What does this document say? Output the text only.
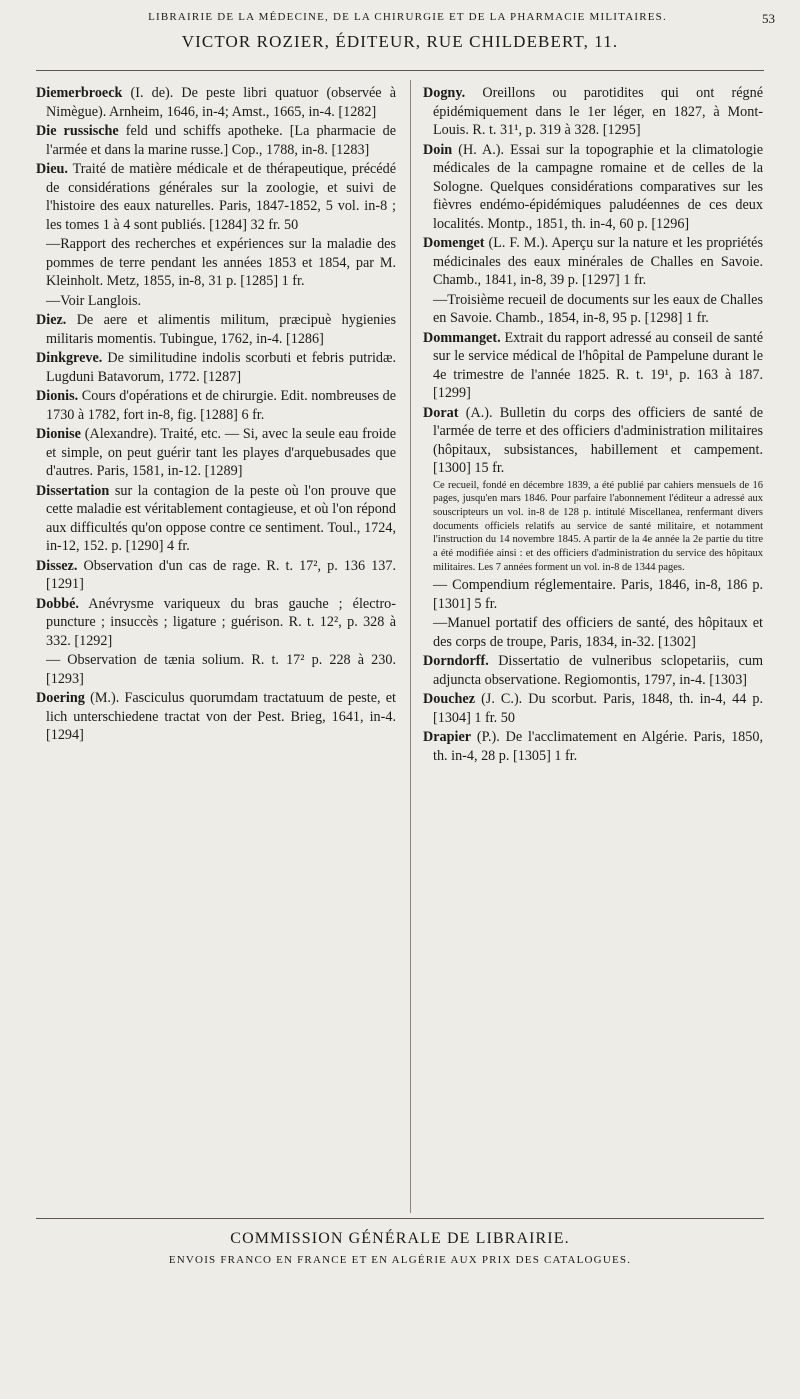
LIBRAIRIE DE LA MÉDECINE, DE LA CHIRURGIE ET DE LA PHARMACIE MILITAIRES.	53
VICTOR ROZIER, ÉDITEUR, RUE CHILDEBERT, 11.

Diemerbroeck (I. de). De peste libri quatuor (observée à Nimègue). Arnheim, 1646, in-4; Amst., 1665, in-4. [1282]

Die russische feld und schiffs apotheke. [La pharmacie de l'armée et dans la marine russe.] Cop., 1788, in-8. [1283]

Dieu. Traité de matière médicale et de thérapeutique, précédé de considérations générales sur la zoologie, et suivi de l'histoire des eaux naturelles. Paris, 1847-1852, 5 vol. in-8 ; les tomes 1 à 4 sont publiés. [1284] 32 fr. 50

—Rapport des recherches et expériences sur la maladie des pommes de terre pendant les années 1853 et 1854, par M. Kleinholt. Metz, 1855, in-8, 31 p. [1285] 1 fr.

—Voir Langlois.

Diez. De aere et alimentis militum, præcipuè hygienies militaris momentis. Tubingue, 1762, in-4. [1286]

Dinkgreve. De similitudine indolis scorbuti et febris putridæ. Lugduni Batavorum, 1772. [1287]

Dionis. Cours d'opérations et de chirurgie. Edit. nombreuses de 1730 à 1782, fort in-8, fig. [1288] 6 fr.

Dionise (Alexandre). Traité, etc. — Si, avec la seule eau froide et simple, on peut guérir tant les playes d'arquebusades que d'autres. Paris, 1581, in-12. [1289]

Dissertation sur la contagion de la peste où l'on prouve que cette maladie est véritablement contagieuse, et où l'on répond aux difficultés qu'on oppose contre ce sentiment. Toul., 1724, in-12, 152. p. [1290] 4 fr.

Dissez. Observation d'un cas de rage. R. t. 17², p. 136 137. [1291]

Dobbé. Anévrysme variqueux du bras gauche ; électro-puncture ; insuccès ; ligature ; guérison. R. t. 12², p. 328 à 332. [1292]

— Observation de tænia solium. R. t. 17² p. 228 à 230. [1293]

Doering (M.). Fasciculus quorumdam tractatuum de peste, et lich unterschiedene tractat von der Pest. Brieg, 1641, in-4. [1294]

Dogny. Oreillons ou parotidites qui ont régné épidémiquement dans le 1er léger, en 1827, à Mont-Louis. R. t. 31¹, p. 319 à 328. [1295]

Doin (H. A.). Essai sur la topographie et la climatologie médicales de la campagne romaine et de celles de la Sologne. Quelques considérations comparatives sur les fièvres endémo-épidémiques paludéennes de ces deux localités. Montp., 1851, th. in-4, 60 p. [1296]

Domenget (L. F. M.). Aperçu sur la nature et les propriétés médicinales des eaux minérales de Challes en Savoie. Chamb., 1841, in-8, 39 p. [1297] 1 fr.

—Troisième recueil de documents sur les eaux de Challes en Savoie. Chamb., 1854, in-8, 95 p. [1298] 1 fr.

Dommanget. Extrait du rapport adressé au conseil de santé sur le service médical de l'hôpital de Pampelune durant le 4e trimestre de l'année 1825. R. t. 19¹, p. 163 à 187. [1299]

Dorat (A.). Bulletin du corps des officiers de santé de l'armée de terre et des officiers d'administration militaires (hôpitaux, subsistances, habillement et campement. [1300] 15 fr.

Ce recueil, fondé en décembre 1839, a été publié par cahiers mensuels de 16 pages, jusqu'en mars 1846. Pour parfaire l'abonnement l'éditeur a adressé aux souscripteurs un vol. in-8 de 128 p. intitulé Miscellanea, renfermant divers documents officiels relatifs au service de santé militaire, et notamment l'instruction du 14 novembre 1845. A partir de la 4e année la 2e partie du titre a été modifiée ainsi : et des officiers d'administration du service des hôpitaux militaires. Les 7 années forment un vol. in-8 de 1344 pages.

— Compendium réglementaire. Paris, 1846, in-8, 186 p. [1301] 5 fr.

—Manuel portatif des officiers de santé, des hôpitaux et des corps de troupe, Paris, 1834, in-32. [1302]

Dorndorff. Dissertatio de vulneribus sclopetariis, cum adjuncta observatione. Regiomontis, 1797, in-4. [1303]

Douchez (J. C.). Du scorbut. Paris, 1848, th. in-4, 44 p. [1304] 1 fr. 50

Drapier (P.). De l'acclimatement en Algérie. Paris, 1850, th. in-4, 28 p. [1305] 1 fr.

COMMISSION GÉNÉRALE DE LIBRAIRIE.
ENVOIS FRANCO EN FRANCE ET EN ALGÉRIE AUX PRIX DES CATALOGUES.
